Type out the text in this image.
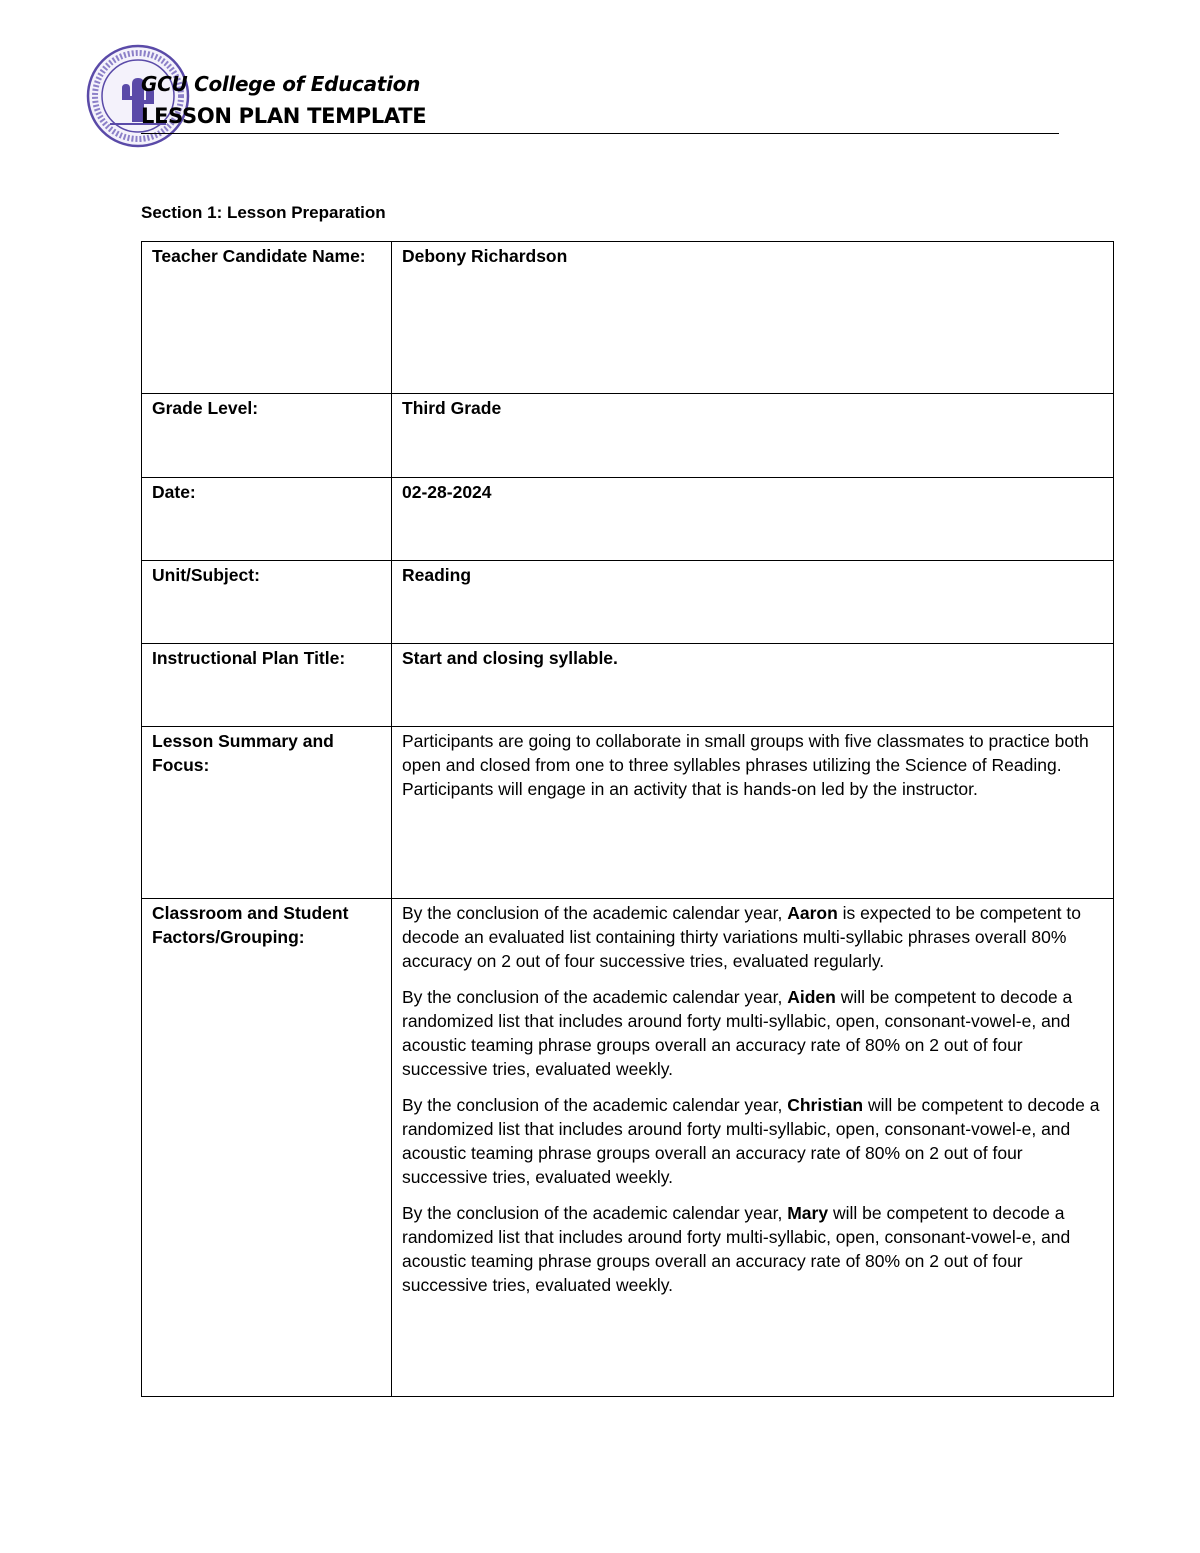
GCU College of Education
LESSON PLAN TEMPLATE
Section 1: Lesson Preparation
Teacher Candidate Name:	Debony Richardson
Grade Level:	Third Grade
Date:	02-28-2024
Unit/Subject:	Reading
Instructional Plan Title:	Start and closing syllable.
Lesson Summary and Focus:	Participants are going to collaborate in small groups with five classmates to practice both open and closed from one to three syllables phrases utilizing the Science of Reading. Participants will engage in an activity that is hands-on led by the instructor.
Classroom and Student Factors/Grouping:	By the conclusion of the academic calendar year, Aaron is expected to be competent to decode an evaluated list containing thirty variations multi-syllabic phrases overall 80% accuracy on 2 out of four successive tries, evaluated regularly.

By the conclusion of the academic calendar year, Aiden will be competent to decode a randomized list that includes around forty multi-syllabic, open, consonant-vowel-e, and acoustic teaming phrase groups overall an accuracy rate of 80% on 2 out of four successive tries, evaluated weekly.

By the conclusion of the academic calendar year, Christian will be competent to decode a randomized list that includes around forty multi-syllabic, open, consonant-vowel-e, and acoustic teaming phrase groups overall an accuracy rate of 80% on 2 out of four successive tries, evaluated weekly.

By the conclusion of the academic calendar year, Mary will be competent to decode a randomized list that includes around forty multi-syllabic, open, consonant-vowel-e, and acoustic teaming phrase groups overall an accuracy rate of 80% on 2 out of four successive tries, evaluated weekly.
